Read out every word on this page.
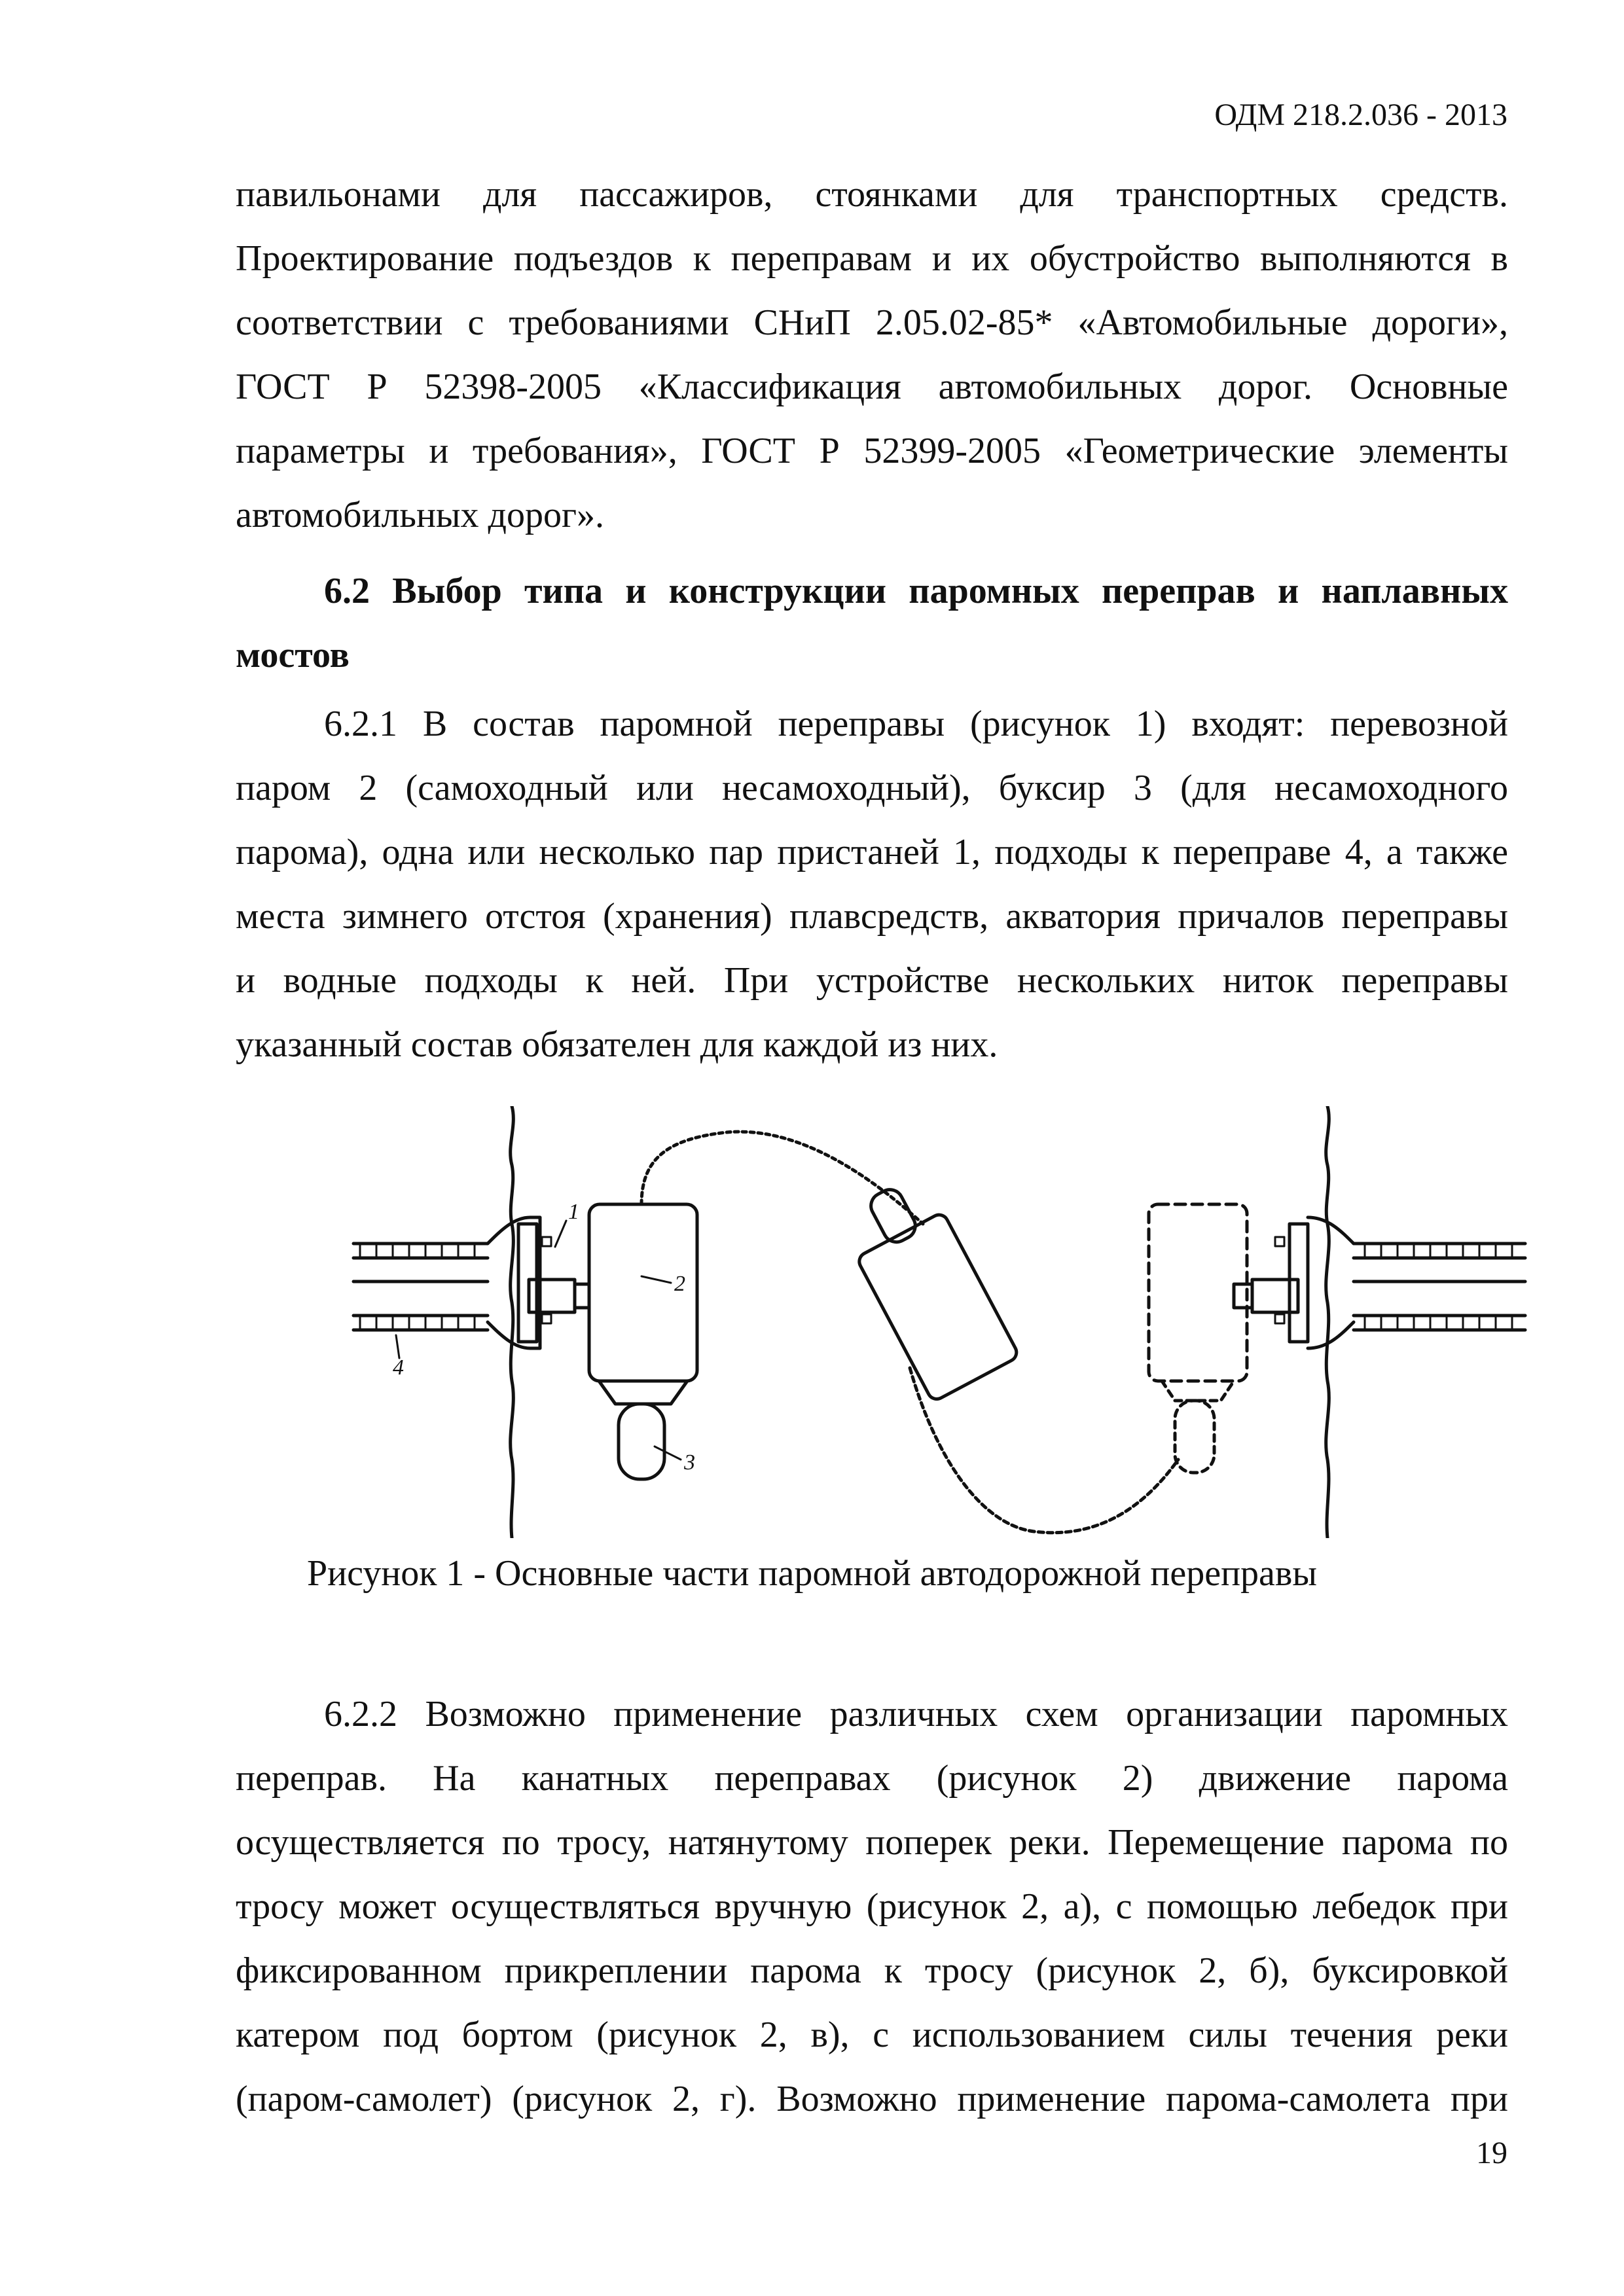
ОДМ 218.2.036 - 2013
павильонами для пассажиров, стоянками для транспортных средств.
Проектирование подъездов к переправам и их обустройство выполняются в
соответствии с требованиями СНиП 2.05.02-85* «Автомобильные дороги»,
ГОСТ Р 52398-2005 «Классификация автомобильных дорог. Основные
параметры и требования», ГОСТ Р 52399-2005 «Геометрические элементы
автомобильных дорог».
6.2 Выбор типа и конструкции паромных переправ и наплавных
мостов
6.2.1 В состав паромной переправы (рисунок 1) входят: перевозной
паром 2 (самоходный или несамоходный), буксир 3 (для несамоходного
парома), одна или несколько пар пристаней 1, подходы к переправе 4, а также
места зимнего отстоя (хранения) плавсредств, акватория причалов переправы
и водные подходы к ней. При устройстве нескольких ниток переправы
указанный состав обязателен для каждой из них.
1
2
3
4
Рисунок 1 - Основные части паромной автодорожной переправы
6.2.2 Возможно применение различных схем организации паромных
переправ. На канатных переправах (рисунок 2) движение парома
осуществляется по тросу, натянутому поперек реки. Перемещение парома по
тросу может осуществляться вручную (рисунок 2, а), с помощью лебедок при
фиксированном прикреплении парома к тросу (рисунок 2, б), буксировкой
катером под бортом (рисунок 2, в), с использованием силы течения реки
(паром-самолет) (рисунок 2, г). Возможно применение парома-самолета при
19
